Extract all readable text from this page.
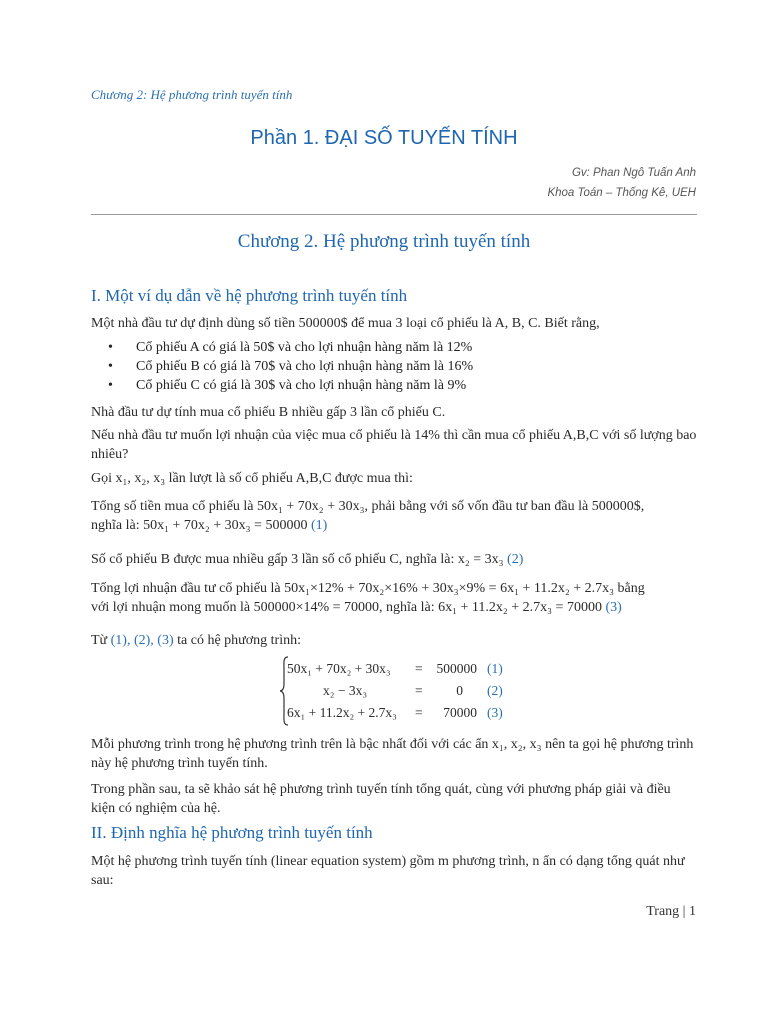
Chương 2: Hệ phương trình tuyến tính
Phần 1. ĐẠI SỐ TUYẾN TÍNH
Gv: Phan Ngô Tuấn Anh
Khoa Toán – Thống Kê, UEH
Chương 2. Hệ phương trình tuyến tính
I. Một ví dụ dẫn về hệ phương trình tuyến tính
Một nhà đầu tư dự định dùng số tiền 500000$ để mua 3 loại cổ phiếu là A, B, C. Biết rằng,
• Cổ phiếu A có giá là 50$ và cho lợi nhuận hàng năm là 12%
• Cổ phiếu B có giá là 70$ và cho lợi nhuận hàng năm là 16%
• Cổ phiếu C có giá là 30$ và cho lợi nhuận hàng năm là 9%
Nhà đầu tư dự tính mua cổ phiếu B nhiều gấp 3 lần cổ phiếu C.
Nếu nhà đầu tư muốn lợi nhuận của việc mua cổ phiếu là 14% thì cần mua cổ phiếu A,B,C với số lượng bao nhiêu?
Gọi x₁, x₂, x₃ lần lượt là số cổ phiếu A,B,C được mua thì:
Tổng số tiền mua cổ phiếu là 50x₁ + 70x₂ + 30x₃, phải bằng với số vốn đầu tư ban đầu là 500000$,
nghĩa là: 50x₁ + 70x₂ + 30x₃ = 500000 (1)
Số cổ phiếu B được mua nhiều gấp 3 lần số cổ phiếu C, nghĩa là: x₂ = 3x₃ (2)
Tổng lợi nhuận đầu tư cổ phiếu là 50x₁×12% + 70x₂×16% + 30x₃×9% = 6x₁ + 11.2x₂ + 2.7x₃ bằng
với lợi nhuận mong muốn là 500000×14% = 70000, nghĩa là: 6x₁ + 11.2x₂ + 2.7x₃ = 70000 (3)
Từ (1), (2), (3) ta có hệ phương trình:
50x₁ + 70x₂ + 30x₃ =	500000 (1)
x₂ − 3x₃	=	0 (2)
6x₁ + 11.2x₂ + 2.7x₃ =	70000 (3)
Mỗi phương trình trong hệ phương trình trên là bậc nhất đối với các ẩn x₁, x₂, x₃ nên ta gọi hệ phương trình này hệ phương trình tuyến tính.
Trong phần sau, ta sẽ khảo sát hệ phương trình tuyến tính tổng quát, cùng với phương pháp giải và điều kiện có nghiệm của hệ.
II. Định nghĩa hệ phương trình tuyến tính
Một hệ phương trình tuyến tính (linear equation system) gồm m phương trình, n ẩn có dạng tổng quát như sau:
Trang | 1
